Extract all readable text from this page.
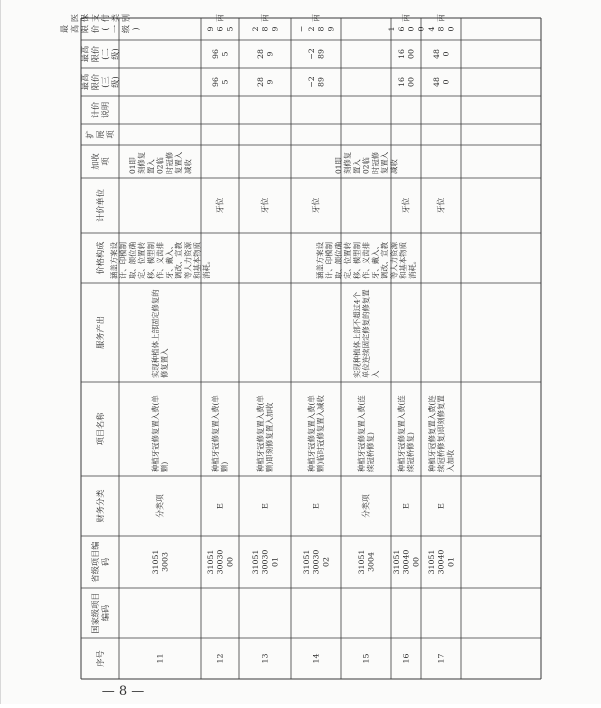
序号
国家级项目编码
省级项目编码
财务分类
项目名称
服务产出
价格构成
计价单位
加收项
扩展项
计价说明
最高限价(三级)
最高限价(二级)
最高限价(一级)
医保支付类别
11
310513003
分类项
种植牙冠修复置入费(单颗)
实现种植体上部固定修复的修复置入
涵盖方案设计、印模制取、颌位确定、位置转移、模型制作、义齿排牙、戴入、调改、宣教等人力资源和基本物质消耗。
01即刻修复置入02临时冠修复置入减收
12
310513003000
E
种植牙冠修复置入费(单颗)
牙位
965
965
965
丙
13
310513003001
E
种植牙冠修复置入费(单颗)即刻修复置入加收
牙位
289
289
289
丙
14
310513003002
E
种植牙冠修复置入费(单颗)临时冠修复置入减收
牙位
−289
−289
−289
丙
15
310513004
分类项
种植牙冠修复置入费(连续冠桥修复)
实现种植体上部不超过4个单位连续固定修复的修复置入
涵盖方案设计、印模制取、颌位确定、位置转移、模型制作、义齿排牙、戴入、调改、宣教等人力资源和基本物质消耗。
01即刻修复置入02临时冠修复置入减收
16
310513004000
E
种植牙冠修复置入费(连续冠桥修复)
牙位
1600
1600
1600
丙
17
310513004001
E
种植牙冠修复置入费(连续冠桥修复)即刻修复置入加收
牙位
480
480
480
丙
— 8 —
